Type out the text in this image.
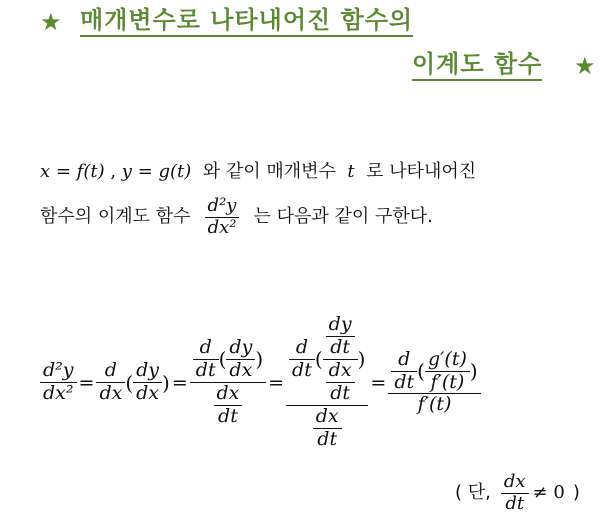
★ 매개변수로 나타내어진 함수의
이계도 함수 ★
x = f(t) , y = g(t) 와 같이 매개변수 t 로 나타내어진
함수의 이계도 함수 $\frac{\text{d²y}}{\text{dx²}}$ 는 다음과 같이 구한다.
$\frac{\text{d²y}}{\text{dx²}} = \frac{d}{dx}$ ( $\frac{dy}{dx}$ ) = $\frac{\frac{d}{dt} ( \frac{dy}{dx} )}{\frac{dx}{dt}}$ =
$\frac{d}{dt}$ ( $\frac{\frac{dy}{dt}}{\frac{dx}{dt}}$ )
$\frac{dx}{dt}$
= $\frac{\frac{d}{dt} ( \frac{g'(t)}{f'(t)} )}{f'(t)}$
( 단, $\frac{dx}{dt} \ne 0$ )
